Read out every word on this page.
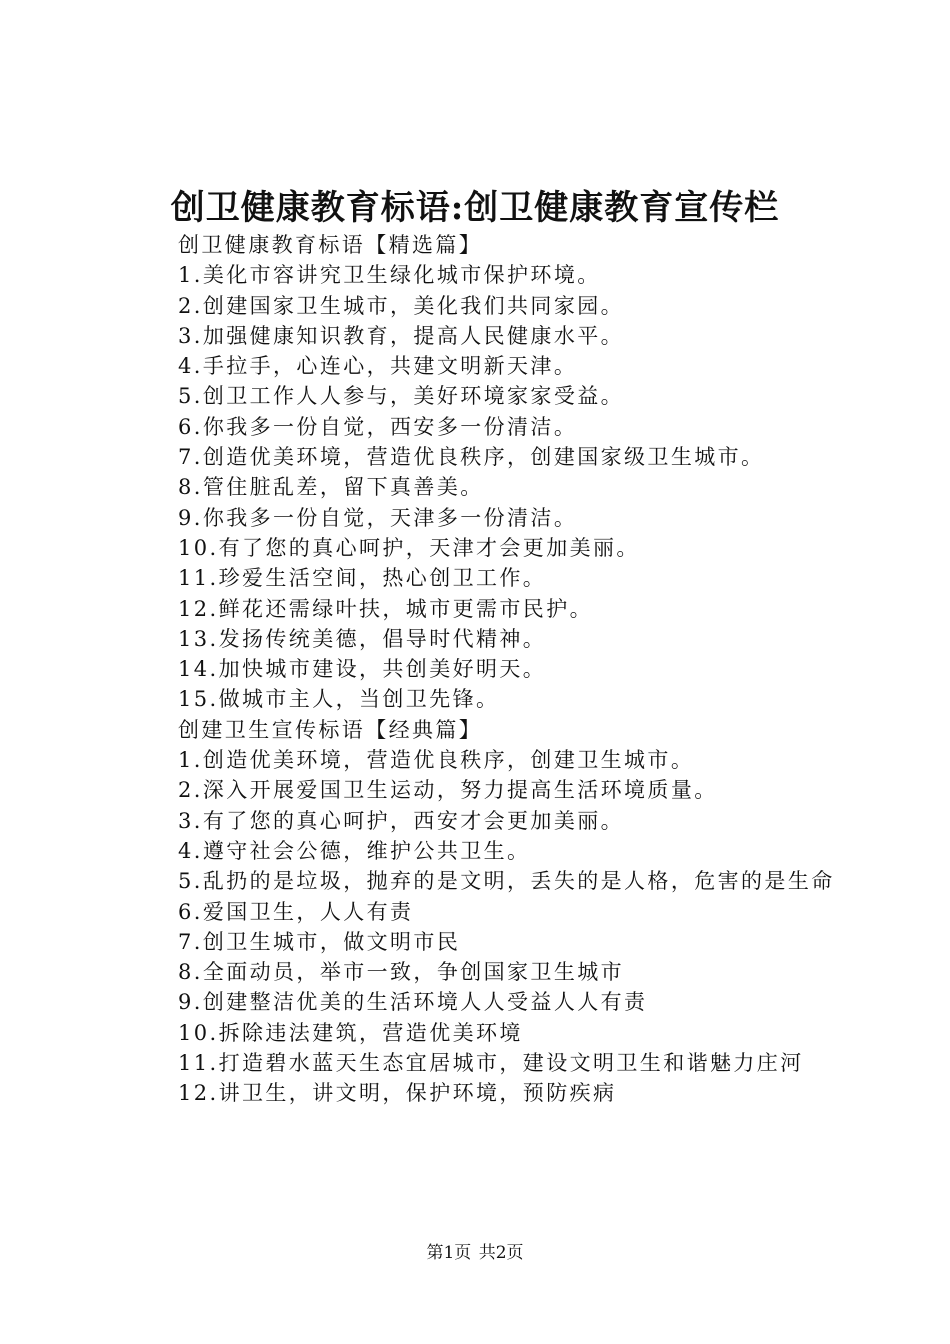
创卫健康教育标语:创卫健康教育宣传栏
创卫健康教育标语【精选篇】
1.美化市容讲究卫生绿化城市保护环境。
2.创建国家卫生城市，美化我们共同家园。
3.加强健康知识教育，提高人民健康水平。
4.手拉手，心连心，共建文明新天津。
5.创卫工作人人参与，美好环境家家受益。
6.你我多一份自觉，西安多一份清洁。
7.创造优美环境，营造优良秩序，创建国家级卫生城市。
8.管住脏乱差，留下真善美。
9.你我多一份自觉，天津多一份清洁。
10.有了您的真心呵护，天津才会更加美丽。
11.珍爱生活空间，热心创卫工作。
12.鲜花还需绿叶扶，城市更需市民护。
13.发扬传统美德，倡导时代精神。
14.加快城市建设，共创美好明天。
15.做城市主人，当创卫先锋。
创建卫生宣传标语【经典篇】
1.创造优美环境，营造优良秩序，创建卫生城市。
2.深入开展爱国卫生运动，努力提高生活环境质量。
3.有了您的真心呵护，西安才会更加美丽。
4.遵守社会公德，维护公共卫生。
5.乱扔的是垃圾，抛弃的是文明，丢失的是人格，危害的是生命
6.爱国卫生，人人有责
7.创卫生城市，做文明市民
8.全面动员，举市一致，争创国家卫生城市
9.创建整洁优美的生活环境人人受益人人有责
10.拆除违法建筑，营造优美环境
11.打造碧水蓝天生态宜居城市，建设文明卫生和谐魅力庄河
12.讲卫生，讲文明，保护环境，预防疾病
第1页 共2页
